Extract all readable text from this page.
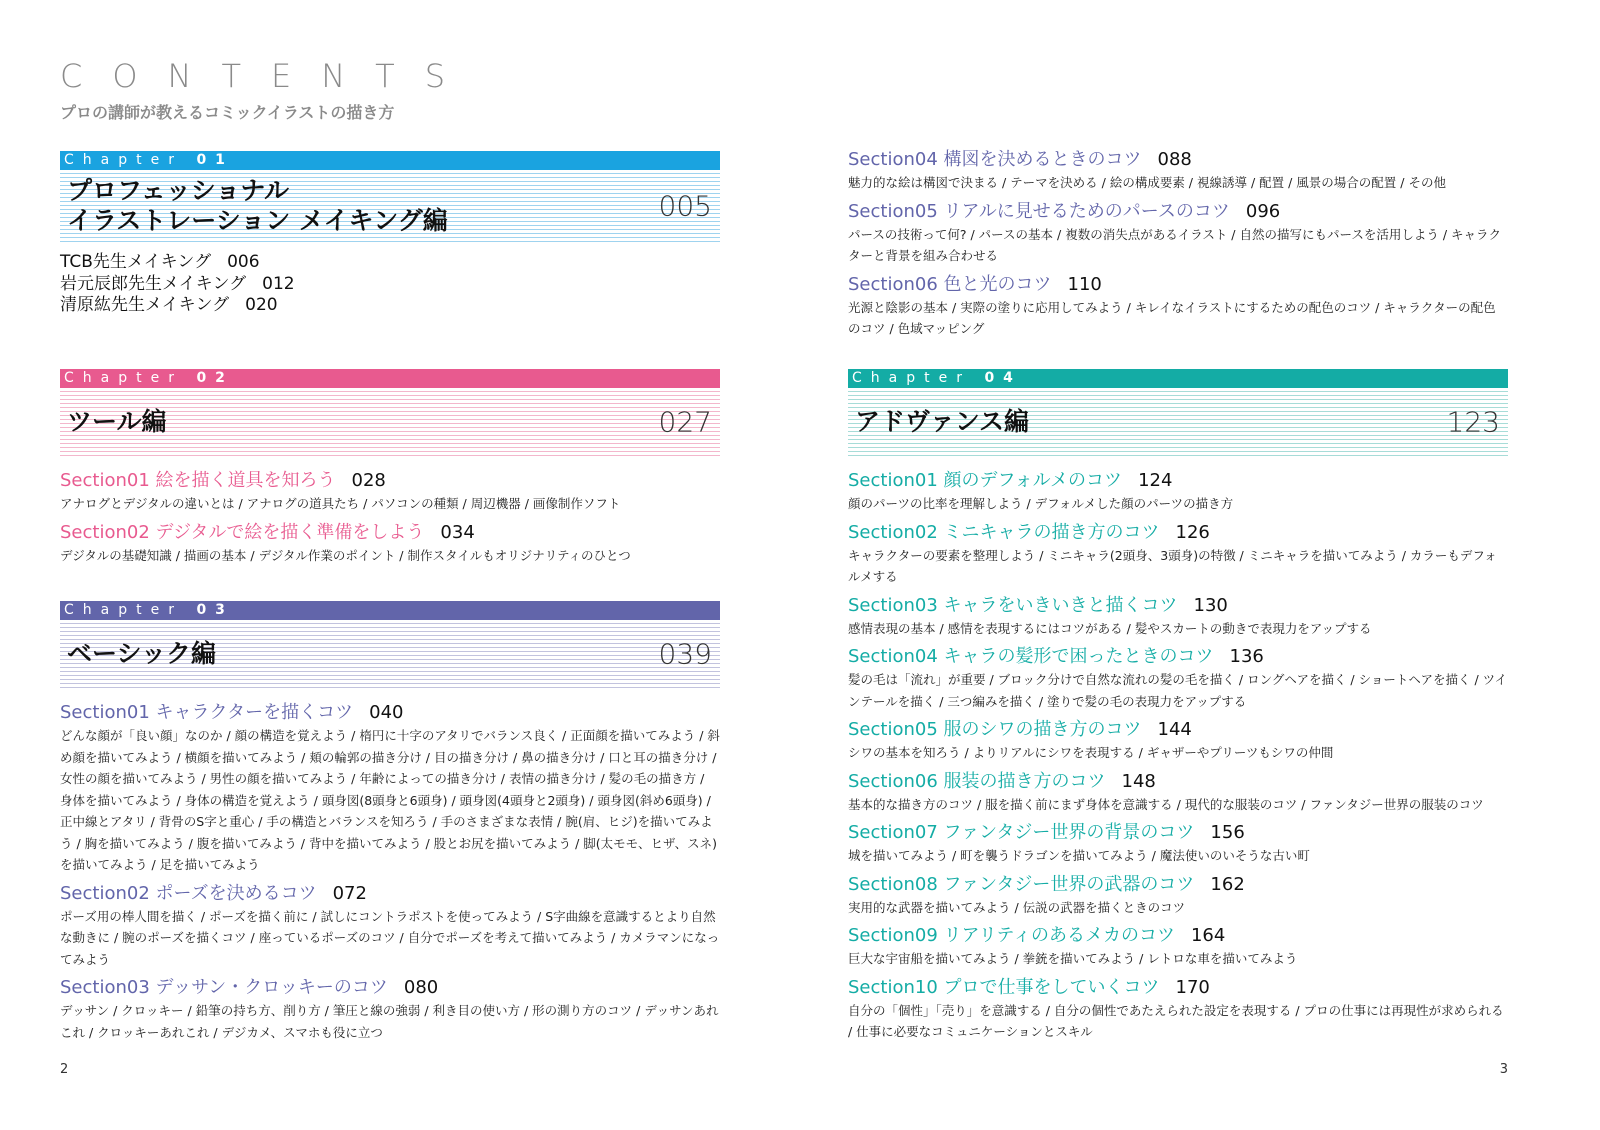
CONTENTS
プロの講師が教えるコミックイラストの描き方
Chapter 01
プロフェッショナル
イラストレーション メイキング編	005
TCB先生メイキング 006
岩元辰郎先生メイキング 012
清原紘先生メイキング 020
Chapter 02
ツール編	027
Section01 絵を描く道具を知ろう 028
アナログとデジタルの違いとは / アナログの道具たち / パソコンの種類 / 周辺機器 / 画像制作ソフト
Section02 デジタルで絵を描く準備をしよう 034
デジタルの基礎知識 / 描画の基本 / デジタル作業のポイント / 制作スタイルもオリジナリティのひとつ
Chapter 03
ベーシック編	039
Section01 キャラクターを描くコツ 040
どんな顔が「良い顔」なのか / 顔の構造を覚えよう / 楕円に十字のアタリでバランス良く / 正面顔を描いてみよう / 斜め顔を描いてみよう / 横顔を描いてみよう / 頬の輪郭の描き分け / 目の描き分け / 鼻の描き分け / 口と耳の描き分け / 女性の顔を描いてみよう / 男性の顔を描いてみよう / 年齢によっての描き分け / 表情の描き分け / 髪の毛の描き方 / 身体を描いてみよう / 身体の構造を覚えよう / 頭身図(8頭身と6頭身) / 頭身図(4頭身と2頭身) / 頭身図(斜め6頭身) / 正中線とアタリ / 背骨のS字と重心 / 手の構造とバランスを知ろう / 手のさまざまな表情 / 腕(肩、ヒジ)を描いてみよう / 胸を描いてみよう / 腹を描いてみよう / 背中を描いてみよう / 股とお尻を描いてみよう / 脚(太モモ、ヒザ、スネ)を描いてみよう / 足を描いてみよう
Section02 ポーズを決めるコツ 072
ポーズ用の棒人間を描く / ポーズを描く前に / 試しにコントラポストを使ってみよう / S字曲線を意識するとより自然な動きに / 腕のポーズを描くコツ / 座っているポーズのコツ / 自分でポーズを考えて描いてみよう / カメラマンになってみよう
Section03 デッサン・クロッキーのコツ 080
デッサン / クロッキー / 鉛筆の持ち方、削り方 / 筆圧と線の強弱 / 利き目の使い方 / 形の測り方のコツ / デッサンあれこれ / クロッキーあれこれ / デジカメ、スマホも役に立つ
2
Section04 構図を決めるときのコツ 088
魅力的な絵は構図で決まる / テーマを決める / 絵の構成要素 / 視線誘導 / 配置 / 風景の場合の配置 / その他
Section05 リアルに見せるためのパースのコツ 096
パースの技術って何? / パースの基本 / 複数の消失点があるイラスト / 自然の描写にもパースを活用しよう / キャラクターと背景を組み合わせる
Section06 色と光のコツ 110
光源と陰影の基本 / 実際の塗りに応用してみよう / キレイなイラストにするための配色のコツ / キャラクターの配色のコツ / 色域マッピング
Chapter 04
アドヴァンス編	123
Section01 顔のデフォルメのコツ 124
顔のパーツの比率を理解しよう / デフォルメした顔のパーツの描き方
Section02 ミニキャラの描き方のコツ 126
キャラクターの要素を整理しよう / ミニキャラ(2頭身、3頭身)の特徴 / ミニキャラを描いてみよう / カラーもデフォルメする
Section03 キャラをいきいきと描くコツ 130
感情表現の基本 / 感情を表現するにはコツがある / 髪やスカートの動きで表現力をアップする
Section04 キャラの髪形で困ったときのコツ 136
髪の毛は「流れ」が重要 / ブロック分けで自然な流れの髪の毛を描く / ロングヘアを描く / ショートヘアを描く / ツインテールを描く / 三つ編みを描く / 塗りで髪の毛の表現力をアップする
Section05 服のシワの描き方のコツ 144
シワの基本を知ろう / よりリアルにシワを表現する / ギャザーやプリーツもシワの仲間
Section06 服装の描き方のコツ 148
基本的な描き方のコツ / 服を描く前にまず身体を意識する / 現代的な服装のコツ / ファンタジー世界の服装のコツ
Section07 ファンタジー世界の背景のコツ 156
城を描いてみよう / 町を襲うドラゴンを描いてみよう / 魔法使いのいそうな古い町
Section08 ファンタジー世界の武器のコツ 162
実用的な武器を描いてみよう / 伝説の武器を描くときのコツ
Section09 リアリティのあるメカのコツ 164
巨大な宇宙船を描いてみよう / 拳銃を描いてみよう / レトロな車を描いてみよう
Section10 プロで仕事をしていくコツ 170
自分の「個性」「売り」を意識する / 自分の個性であたえられた設定を表現する / プロの仕事には再現性が求められる / 仕事に必要なコミュニケーションとスキル
3
